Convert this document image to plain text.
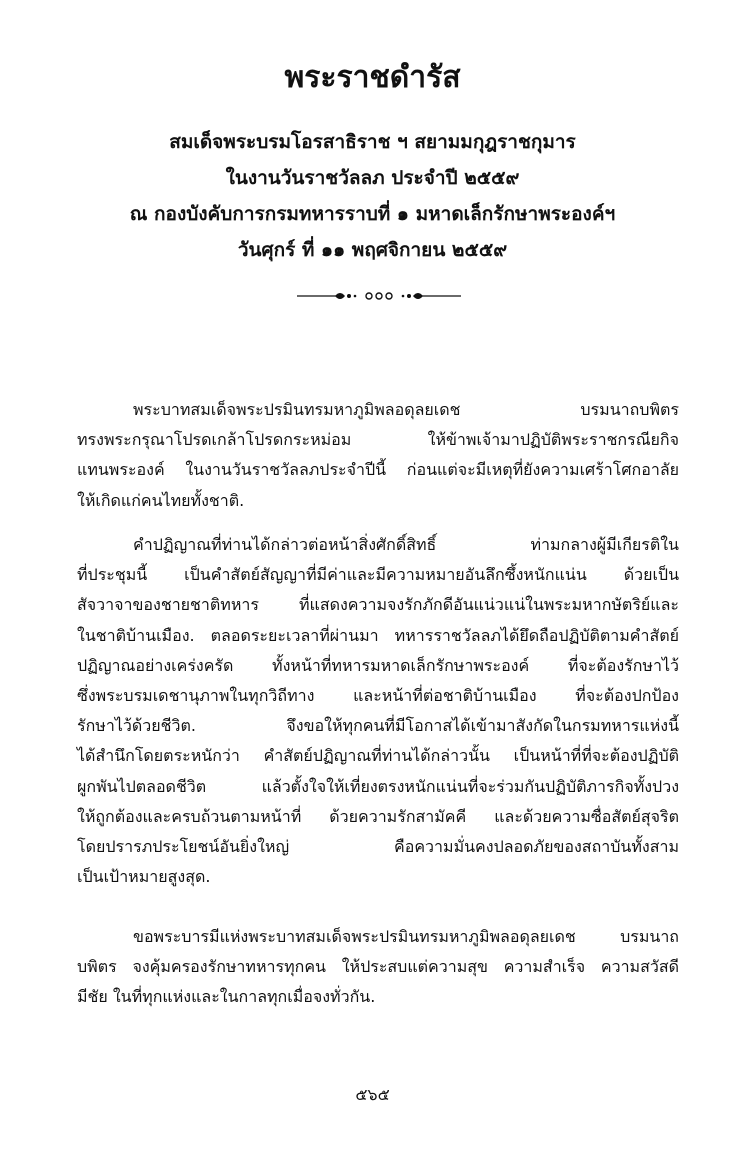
พระราชดำรัส
สมเด็จพระบรมโอรสาธิราช ฯ สยามมกุฎราชกุมาร
ในงานวันราชวัลลภ ประจำปี ๒๕๕๙
ณ กองบังคับการกรมทหารราบที่ ๑ มหาดเล็กรักษาพระองค์ฯ
วันศุกร์ ที่ ๑๑ พฤศจิกายน ๒๕๕๙
พระบาทสมเด็จพระปรมินทรมหาภูมิพลอดุลยเดช บรมนาถบพิตร
ทรงพระกรุณาโปรดเกล้าโปรดกระหม่อม ให้ข้าพเจ้ามาปฏิบัติพระราชกรณียกิจ
แทนพระองค์ ในงานวันราชวัลลภประจำปีนี้ ก่อนแต่จะมีเหตุที่ยังความเศร้าโศกอาลัย
ให้เกิดแก่คนไทยทั้งชาติ.
คำปฏิญาณที่ท่านได้กล่าวต่อหน้าสิ่งศักดิ์สิทธิ์ ท่ามกลางผู้มีเกียรติใน
ที่ประชุมนี้ เป็นคำสัตย์สัญญาที่มีค่าและมีความหมายอันลึกซึ้งหนักแน่น ด้วยเป็น
สัจวาจาของชายชาติทหาร ที่แสดงความจงรักภักดีอันแน่วแน่ในพระมหากษัตริย์และ
ในชาติบ้านเมือง. ตลอดระยะเวลาที่ผ่านมา ทหารราชวัลลภได้ยึดถือปฏิบัติตามคำสัตย์
ปฏิญาณอย่างเคร่งครัด ทั้งหน้าที่ทหารมหาดเล็กรักษาพระองค์ ที่จะต้องรักษาไว้
ซึ่งพระบรมเดชานุภาพในทุกวิถีทาง และหน้าที่ต่อชาติบ้านเมือง ที่จะต้องปกป้อง
รักษาไว้ด้วยชีวิต. จึงขอให้ทุกคนที่มีโอกาสได้เข้ามาสังกัดในกรมทหารแห่งนี้
ได้สำนึกโดยตระหนักว่า คำสัตย์ปฏิญาณที่ท่านได้กล่าวนั้น เป็นหน้าที่ที่จะต้องปฏิบัติ
ผูกพันไปตลอดชีวิต แล้วตั้งใจให้เที่ยงตรงหนักแน่นที่จะร่วมกันปฏิบัติภารกิจทั้งปวง
ให้ถูกต้องและครบถ้วนตามหน้าที่ ด้วยความรักสามัคคี และด้วยความซื่อสัตย์สุจริต
โดยปรารภประโยชน์อันยิ่งใหญ่ คือความมั่นคงปลอดภัยของสถาบันทั้งสาม
เป็นเป้าหมายสูงสุด.
ขอพระบารมีแห่งพระบาทสมเด็จพระปรมินทรมหาภูมิพลอดุลยเดช บรมนาถ
บพิตร จงคุ้มครองรักษาทหารทุกคน ให้ประสบแต่ความสุข ความสำเร็จ ความสวัสดี
มีชัย ในที่ทุกแห่งและในกาลทุกเมื่อจงทั่วกัน.
๕๖๕
